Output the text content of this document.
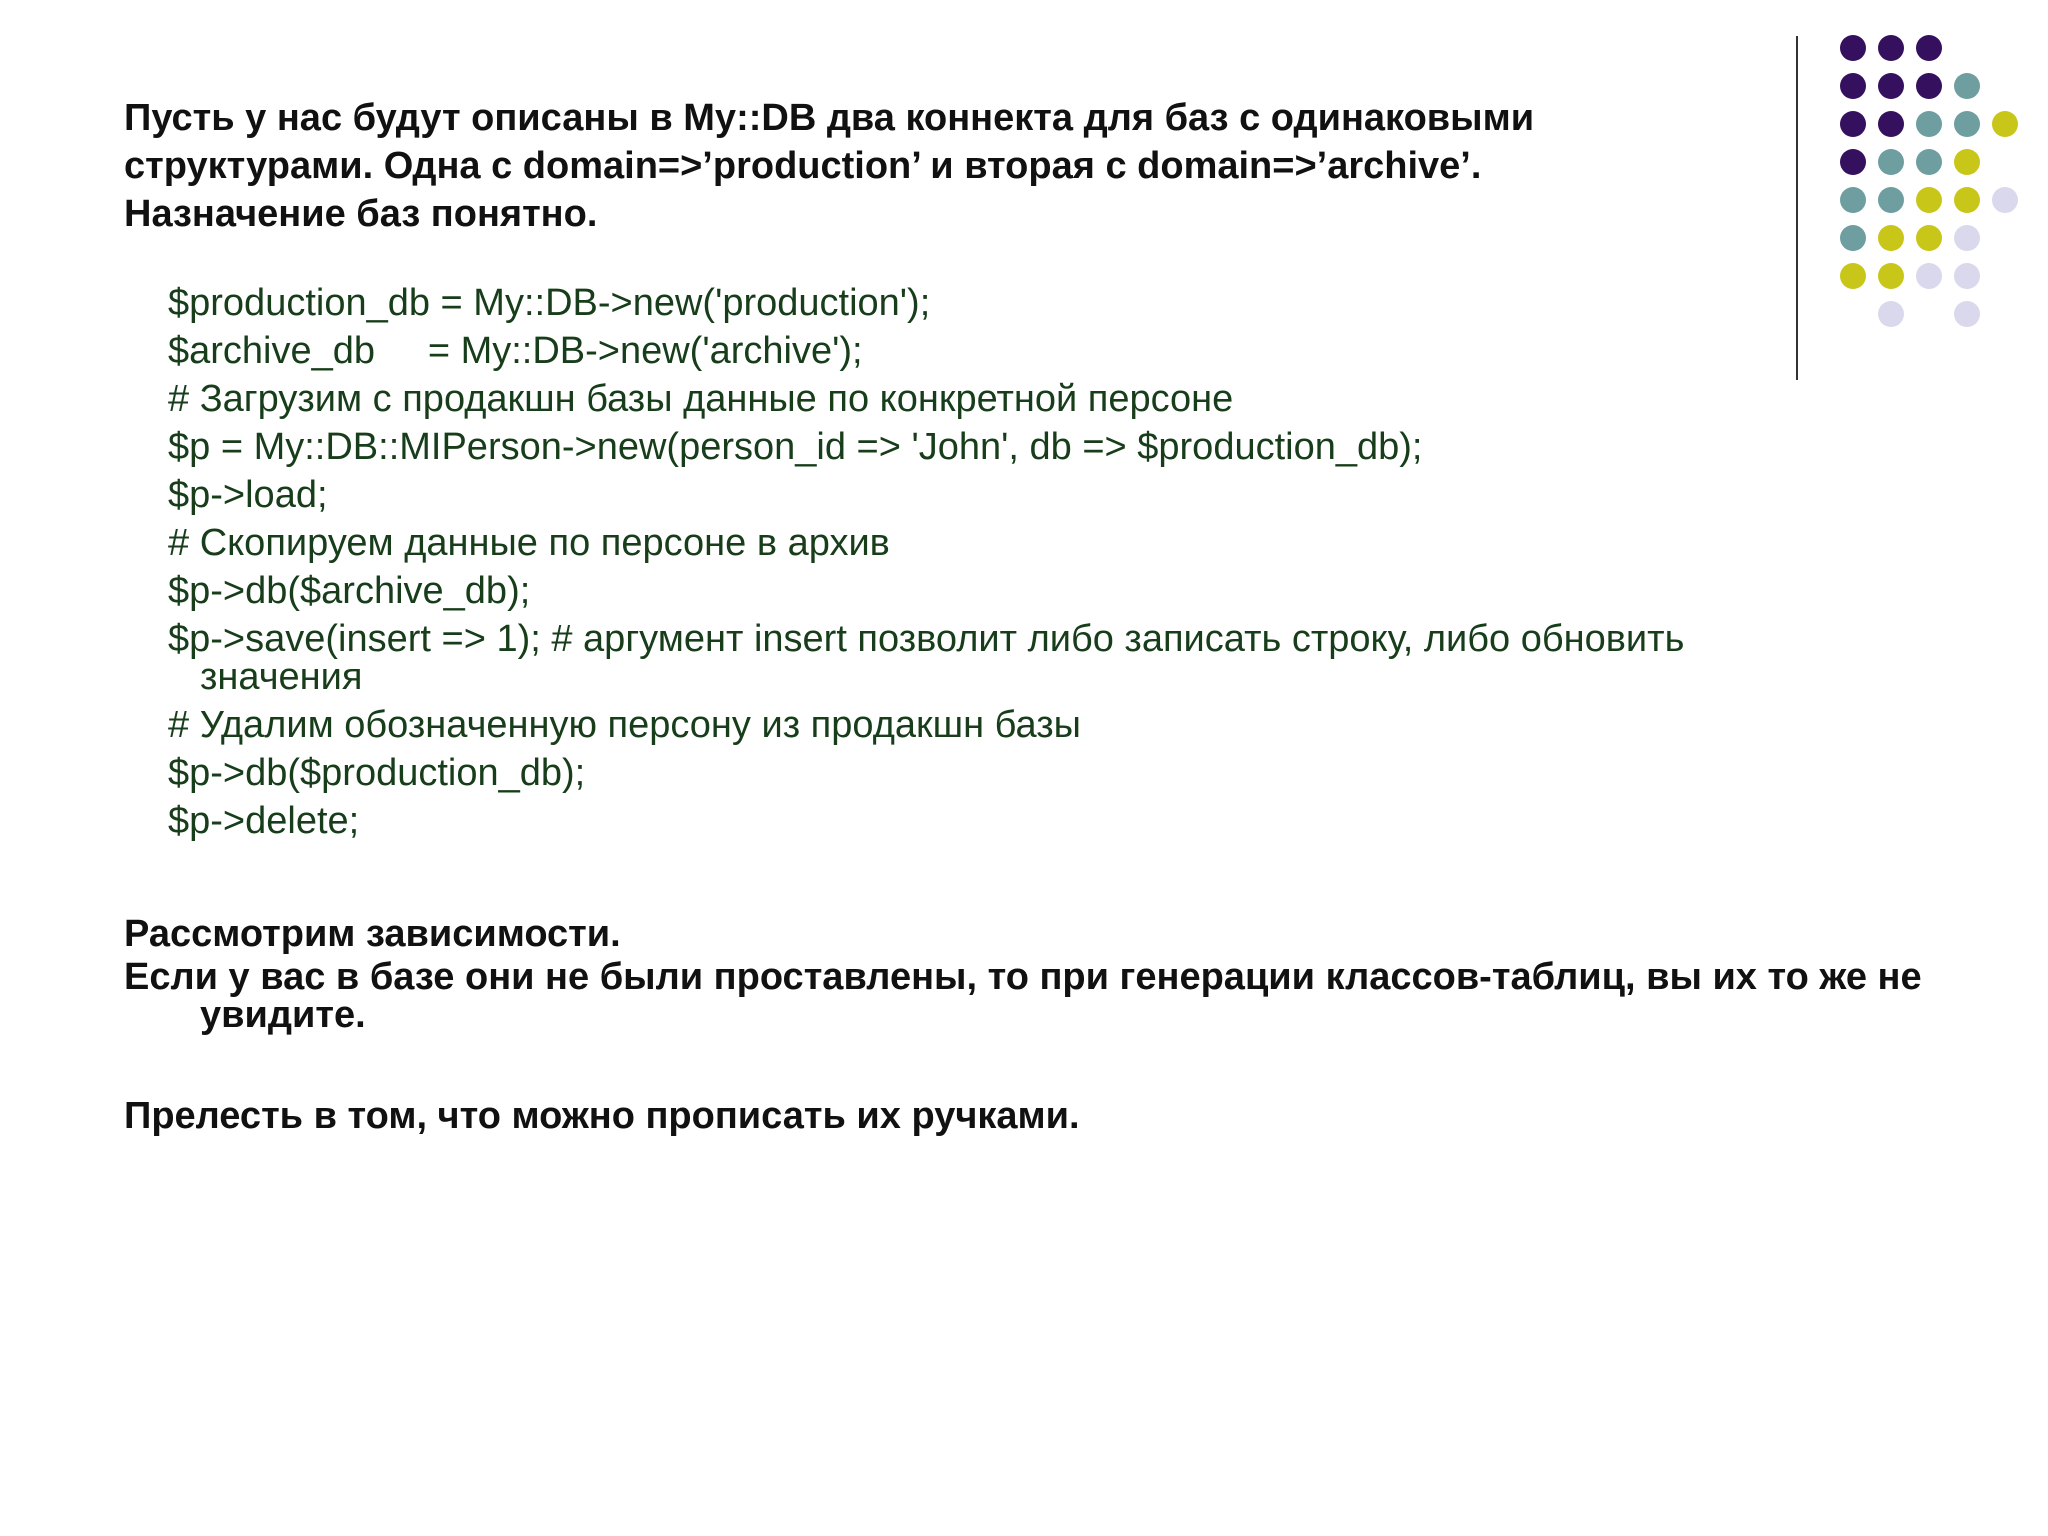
Пусть у нас будут описаны в My::DB два коннекта для баз с одинаковыми
структурами. Одна с domain=>’production’ и вторая с domain=>’archive’.
Назначение баз понятно.

$production_db = My::DB->new('production');
$archive_db     = My::DB->new('archive');
# Загрузим с продакшн базы данные по конкретной персоне
$p = My::DB::MIPerson->new(person_id => 'John', db => $production_db);
$p->load;
# Скопируем данные по персоне в архив
$p->db($archive_db);
$p->save(insert => 1); # аргумент insert позволит либо записать строку, либо обновить значения
# Удалим обозначенную персону из продакшн базы
$p->db($production_db);
$p->delete;

Рассмотрим зависимости.

Если у вас в базе они не были проставлены, то при генерации классов-таблиц, вы их то же не увидите.

Прелесть в том, что можно прописать их ручками.
